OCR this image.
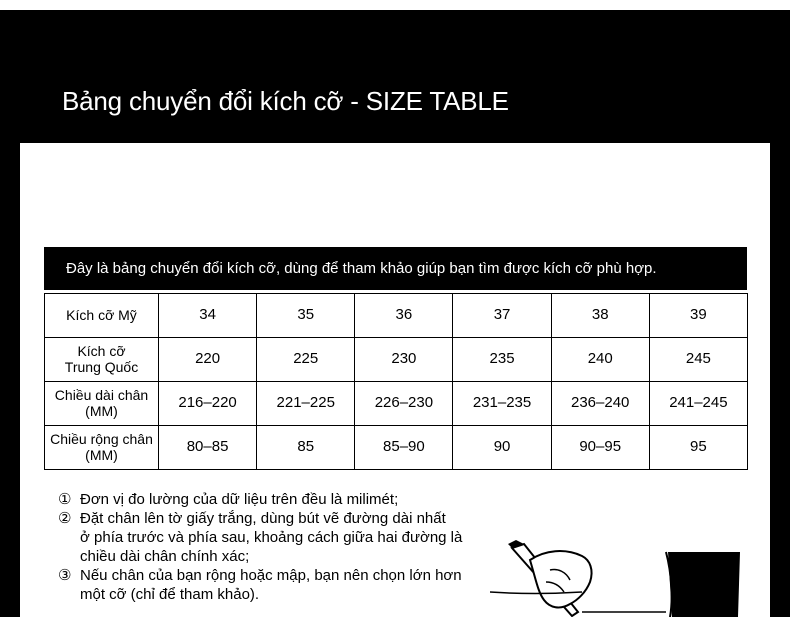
Bảng chuyển đổi kích cỡ - SIZE TABLE
Đây là bảng chuyển đổi kích cỡ, dùng để tham khảo giúp bạn tìm được kích cỡ phù hợp.
Kích cỡ Mỹ	34	35	36	37	38	39
Kích cỡ
Trung Quốc	220	225	230	235	240	245
Chiều dài chân
(MM)	216–220	221–225	226–230	231–235	236–240	241–245
Chiều rộng chân
(MM)	80–85	85	85–90	90	90–95	95
① Đơn vị đo lường của dữ liệu trên đều là milimét;
② Đặt chân lên tờ giấy trắng, dùng bút vẽ đường dài nhất
ở phía trước và phía sau, khoảng cách giữa hai đường là
chiều dài chân chính xác;
③ Nếu chân của bạn rộng hoặc mập, bạn nên chọn lớn hơn
một cỡ (chỉ để tham khảo).
